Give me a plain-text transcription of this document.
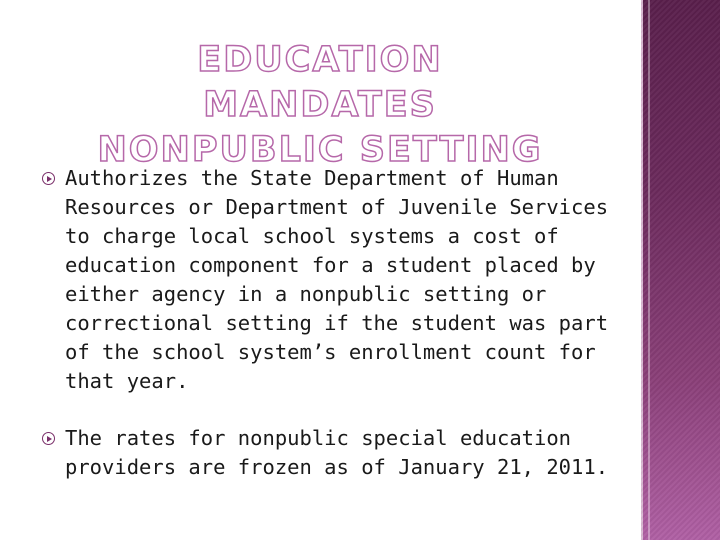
EDUCATION MANDATES
NONPUBLIC SETTING
Authorizes the State Department of Human Resources or Department of Juvenile Services to charge local school systems a cost of education component for a student placed by either agency in a nonpublic setting or correctional setting if the student was part of the school system’s enrollment count for that year.
The rates for nonpublic special education providers are frozen as of January 21, 2011.
